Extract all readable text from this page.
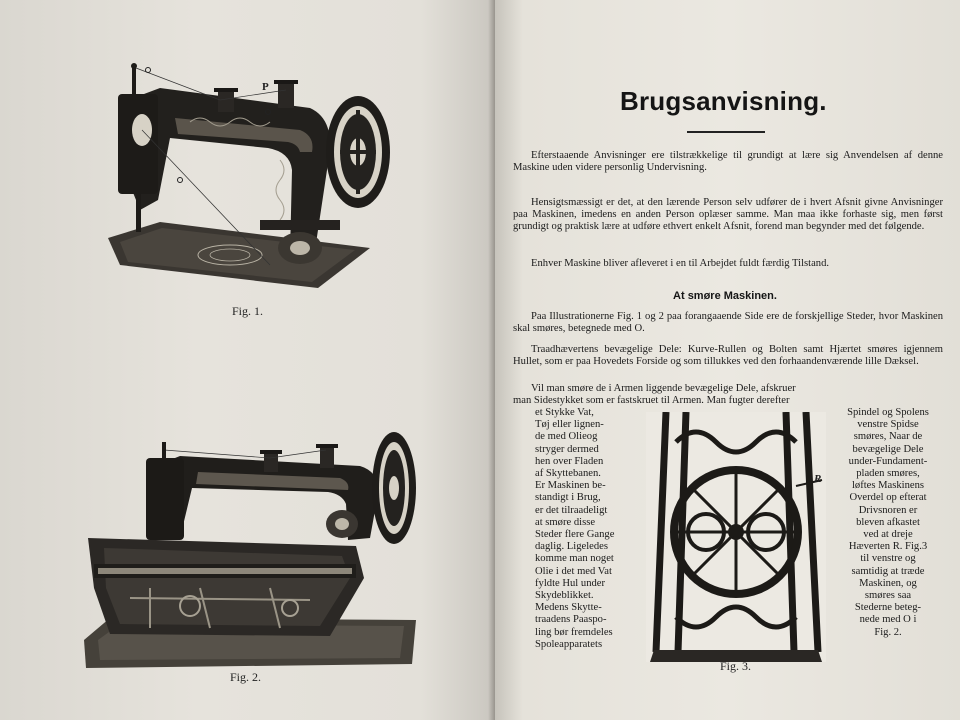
P
Fig. 1.
Fig. 2.
Brugsanvisning.
Efterstaaende Anvisninger ere tilstrækkelige til grundigt at lære sig Anvendelsen af denne Maskine uden videre personlig Undervisning.
Hensigtsmæssigt er det, at den lærende Person selv udfører de i hvert Afsnit givne Anvisninger paa Maskinen, imedens en anden Person oplæser samme. Man maa ikke forhaste sig, men først grundigt og praktisk lære at udføre ethvert enkelt Afsnit, forend man begynder med det følgende.
Enhver Maskine bliver afleveret i en til Arbejdet fuldt færdig Tilstand.
At smøre Maskinen.
Paa Illustrationerne Fig. 1 og 2 paa forangaaende Side ere de forskjellige Steder, hvor Maskinen skal smøres, betegnede med O.
Traadhævertens bevægelige Dele: Kurve-Rullen og Bolten samt Hjærtet smøres igjennem Hullet, som er paa Hovedets Forside og som tillukkes ved den forhaandenværende lille Dæksel.
Vil man smøre de i Armen liggende bevægelige Dele, afskruer
man Sidestykket som er fastskruet til Armen. Man fugter derefter
et Stykke Vat,
Tøj eller lignen-
de med Olieog
stryger dermed
hen over Fladen
af Skyttebanen.
Er Maskinen be-
standigt i Brug,
er det tilraadeligt
at smøre disse
Steder flere Gange
daglig. Ligeledes
komme man noget
Olie i det med Vat
fyldte Hul under
Skydeblikket.
Medens Skytte-
traadens Paaspo-
ling bør fremdeles
Spoleapparatets
R
Fig. 3.
Spindel og Spolens
venstre Spidse
smøres, Naar de
bevægelige Dele
under-Fundament-
pladen smøres,
løftes Maskinens
Overdel op efterat
Drivsnoren er
bleven afkastet
ved at dreje
Hæverten R. Fig.3
til venstre og
samtidig at træde
Maskinen, og
smøres saa
Stederne beteg-
nede med O i
Fig. 2.
